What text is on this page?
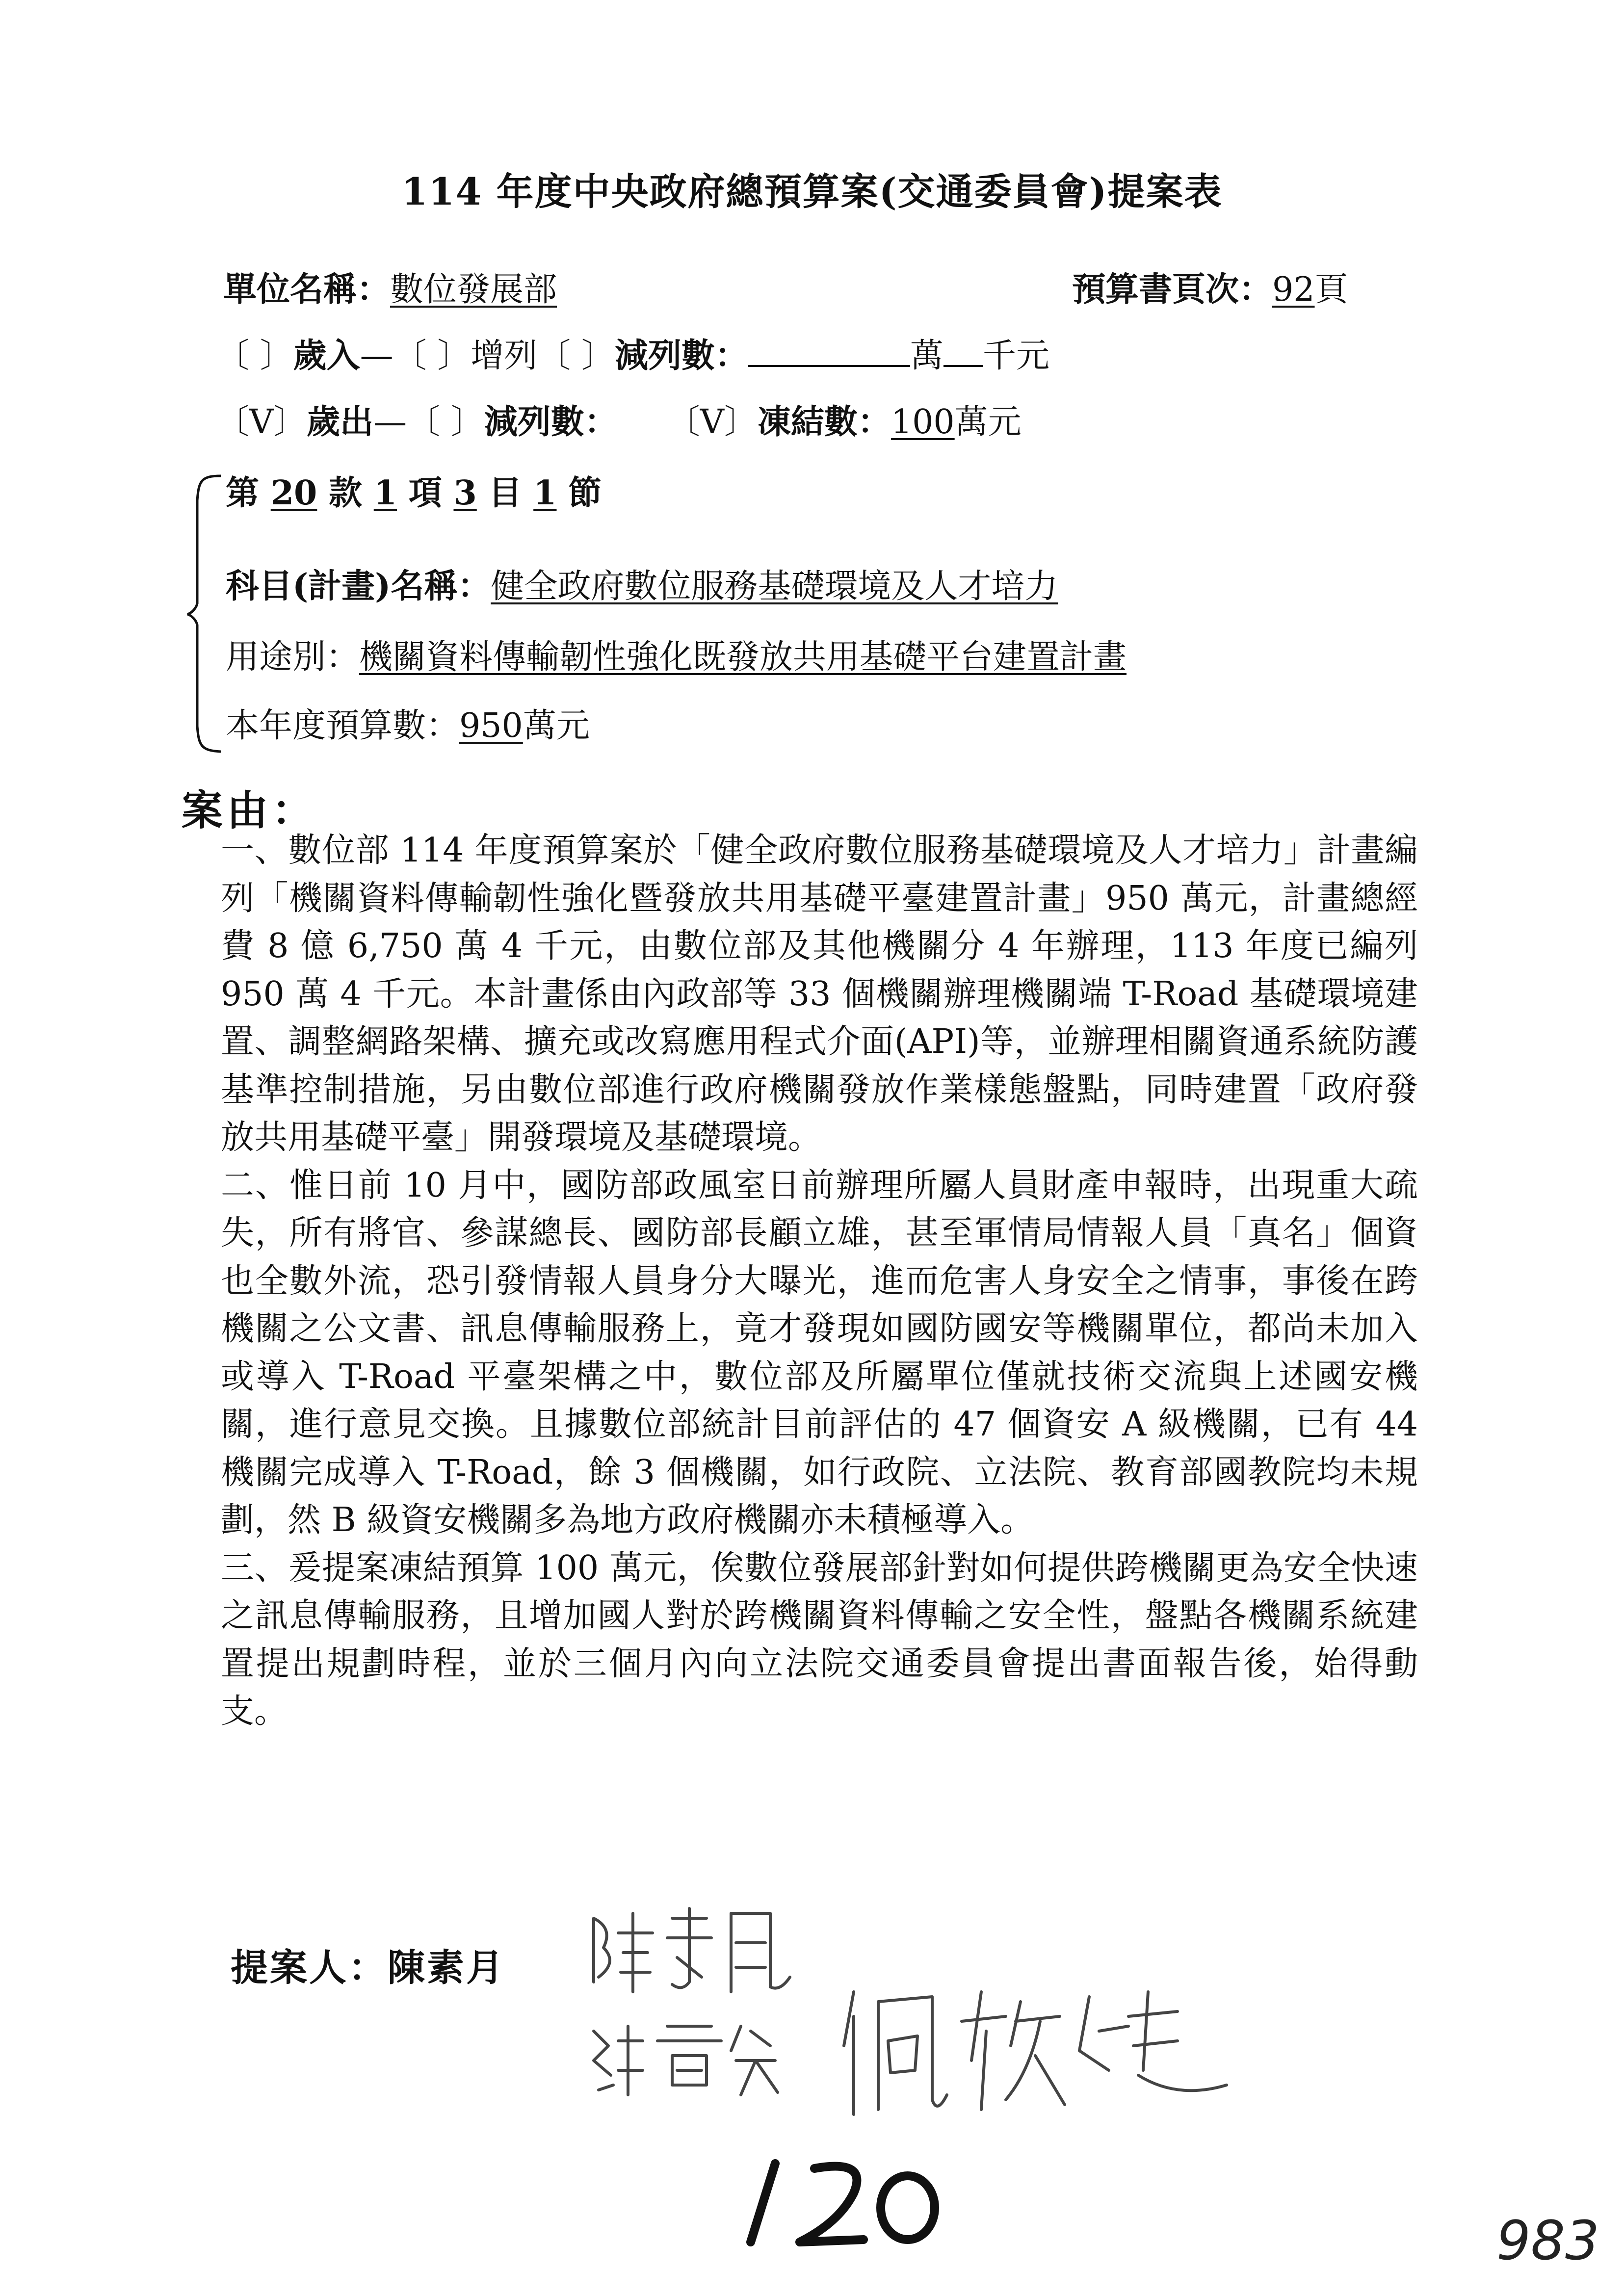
114 年度中央政府總預算案(交通委員會)提案表
單位名稱：數位發展部	預算書頁次：92頁
〔 〕歲入—〔 〕增列〔 〕減列數：	萬 千元
〔V〕歲出—〔 〕減列數： 〔V〕凍結數：100萬元
第 20 款 1 項 3 目 1 節
科目(計畫)名稱：健全政府數位服務基礎環境及人才培力
用途別：機關資料傳輸韌性強化既發放共用基礎平台建置計畫
本年度預算數：950萬元
案由：

一、數位部 114 年度預算案於「健全政府數位服務基礎環境及人才培力」計畫編列「機關資料傳輸韌性強化暨發放共用基礎平臺建置計畫」950 萬元，計畫總經費 8 億 6,750 萬 4 千元，由數位部及其他機關分 4 年辦理，113 年度已編列 950 萬 4 千元。本計畫係由內政部等 33 個機關辦理機關端 T-Road 基礎環境建置、調整網路架構、擴充或改寫應用程式介面(API)等，並辦理相關資通系統防護基準控制措施，另由數位部進行政府機關發放作業樣態盤點，同時建置「政府發放共用基礎平臺」開發環境及基礎環境。

二、惟日前 10 月中，國防部政風室日前辦理所屬人員財產申報時，出現重大疏失，所有將官、參謀總長、國防部長顧立雄，甚至軍情局情報人員「真名」個資也全數外流，恐引發情報人員身分大曝光，進而危害人身安全之情事，事後在跨機關之公文書、訊息傳輸服務上，竟才發現如國防國安等機關單位，都尚未加入或導入 T-Road 平臺架構之中，數位部及所屬單位僅就技術交流與上述國安機關，進行意見交換。且據數位部統計目前評估的 47 個資安 A 級機關，已有 44 機關完成導入 T-Road，餘 3 個機關，如行政院、立法院、教育部國教院均未規劃，然 B 級資安機關多為地方政府機關亦未積極導入。

三、爰提案凍結預算 100 萬元，俟數位發展部針對如何提供跨機關更為安全快速之訊息傳輸服務，且增加國人對於跨機關資料傳輸之安全性，盤點各機關系統建置提出規劃時程，並於三個月內向立法院交通委員會提出書面報告後，始得動支。

提案人：陳素月
983
